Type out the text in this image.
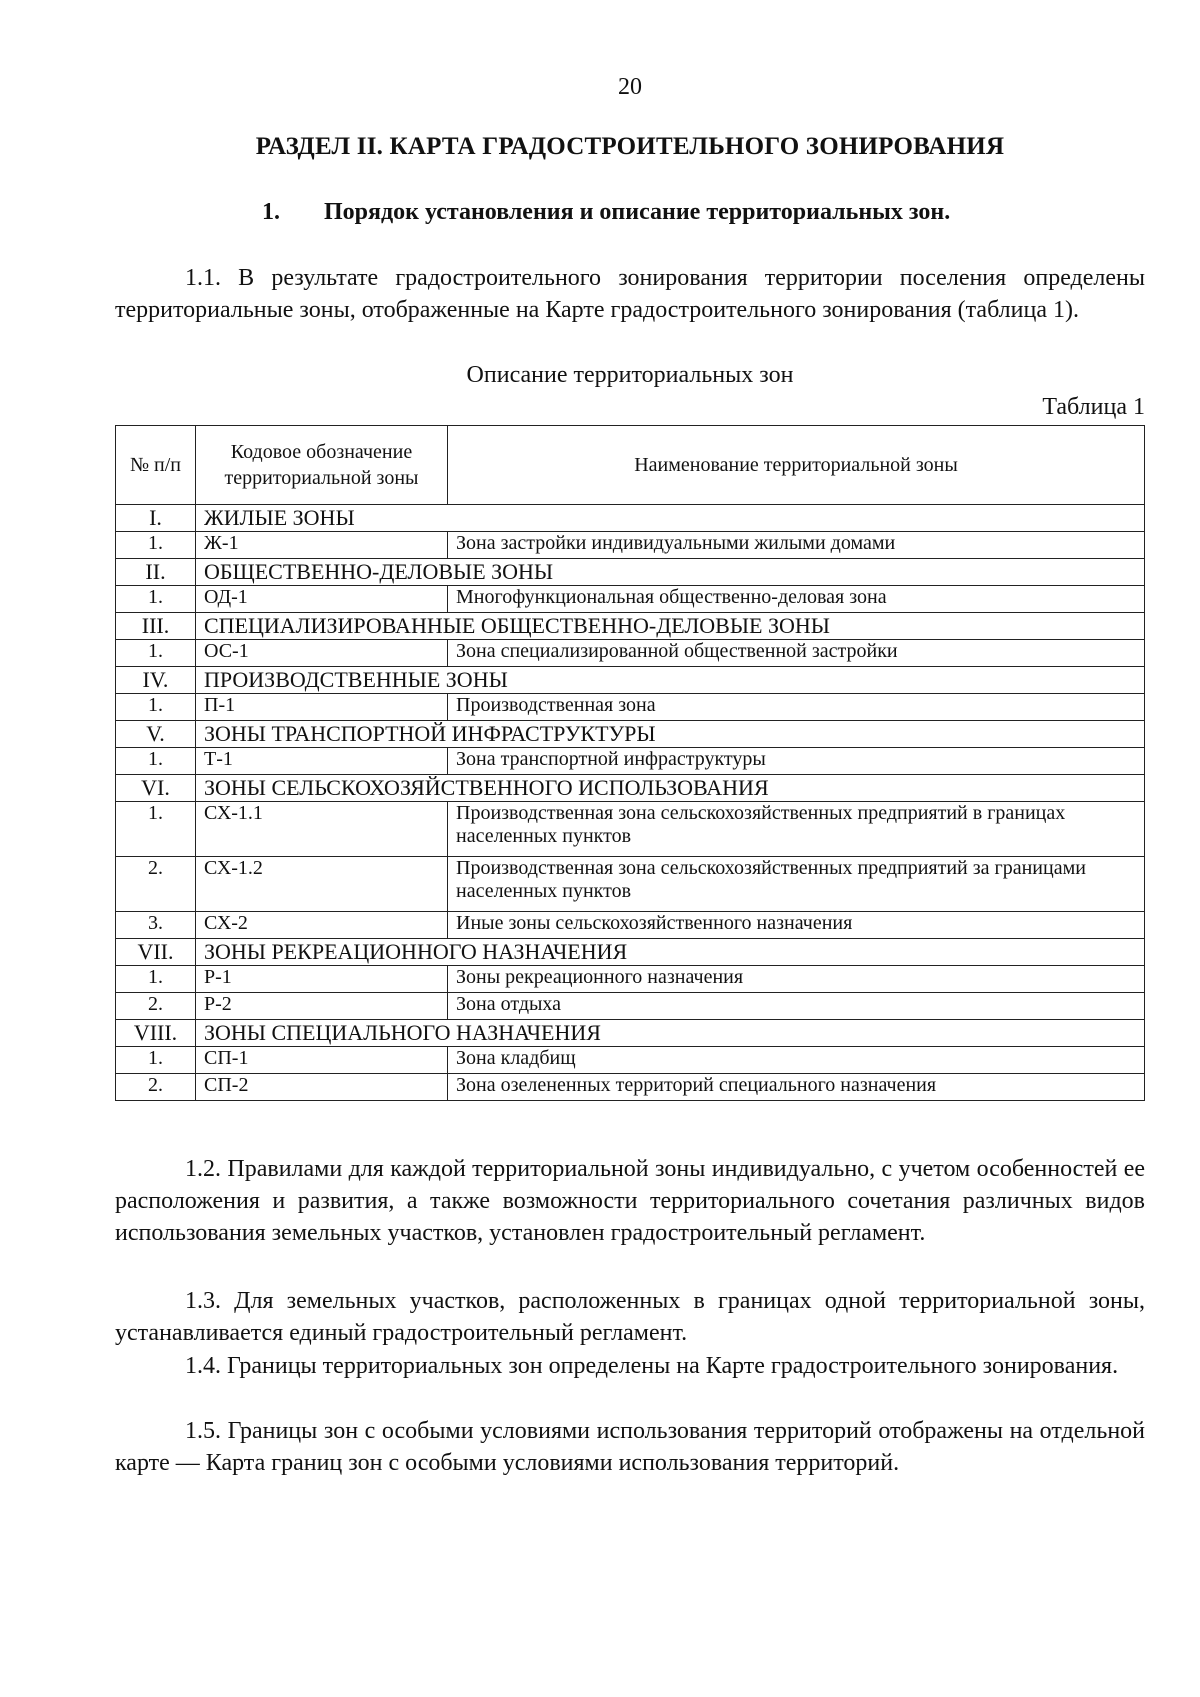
20
РАЗДЕЛ II. КАРТА ГРАДОСТРОИТЕЛЬНОГО ЗОНИРОВАНИЯ
1. Порядок установления и описание территориальных зон.
1.1. В результате градостроительного зонирования территории поселения определены территориальные зоны, отображенные на Карте градостроительного зонирования (таблица 1).
Описание территориальных зон
Таблица 1
№ п/п	Кодовое обозначение территориальной зоны	Наименование территориальной зоны
I.	ЖИЛЫЕ ЗОНЫ	
1.	Ж-1	Зона застройки индивидуальными жилыми домами
II.	ОБЩЕСТВЕННО-ДЕЛОВЫЕ ЗОНЫ	
1.	ОД-1	Многофункциональная общественно-деловая зона
III.	СПЕЦИАЛИЗИРОВАННЫЕ ОБЩЕСТВЕННО-ДЕЛОВЫЕ ЗОНЫ	
1.	ОС-1	Зона специализированной общественной застройки
IV.	ПРОИЗВОДСТВЕННЫЕ ЗОНЫ	
1.	П-1	Производственная зона
V.	ЗОНЫ ТРАНСПОРТНОЙ ИНФРАСТРУКТУРЫ	
1.	Т-1	Зона транспортной инфраструктуры
VI.	ЗОНЫ СЕЛЬСКОХОЗЯЙСТВЕННОГО ИСПОЛЬЗОВАНИЯ	
1.	СХ-1.1	Производственная зона сельскохозяйственных предприятий в границах населенных пунктов
2.	СХ-1.2	Производственная зона сельскохозяйственных предприятий за границами населенных пунктов
3.	СХ-2	Иные зоны сельскохозяйственного назначения
VII.	ЗОНЫ РЕКРЕАЦИОННОГО НАЗНАЧЕНИЯ	
1.	Р-1	Зоны рекреационного назначения
2.	Р-2	Зона отдыха
VIII.	ЗОНЫ СПЕЦИАЛЬНОГО НАЗНАЧЕНИЯ	
1.	СП-1	Зона кладбищ
2.	СП-2	Зона озелененных территорий специального назначения
1.2. Правилами для каждой территориальной зоны индивидуально, с учетом особенностей ее расположения и развития, а также возможности территориального сочетания различных видов использования земельных участков, установлен градостроительный регламент.
1.3. Для земельных участков, расположенных в границах одной территориальной зоны, устанавливается единый градостроительный регламент.
1.4. Границы территориальных зон определены на Карте градостроительного зонирования.
1.5. Границы зон с особыми условиями использования территорий отображены на отдельной карте — Карта границ зон с особыми условиями использования территорий.
